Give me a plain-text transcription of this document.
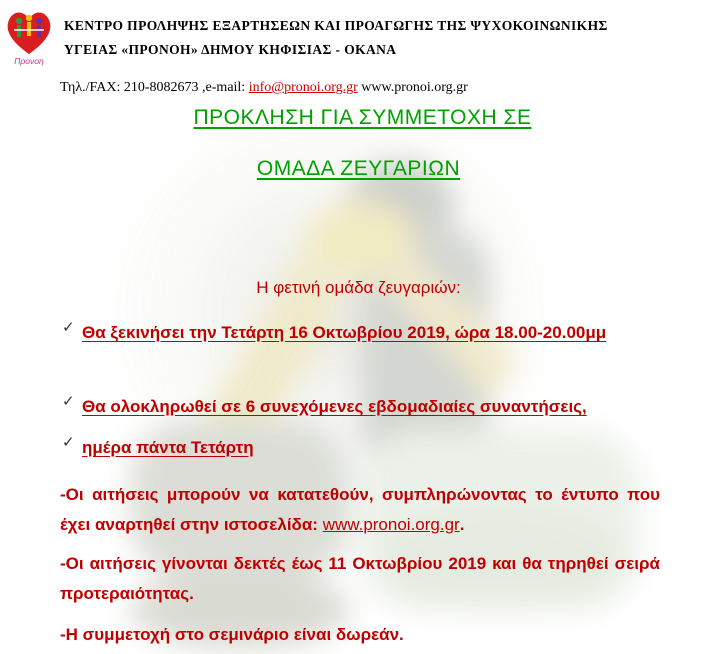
Προνοη
ΚΕΝΤΡΟ ΠΡΟΛΗΨΗΣ ΕΞΑΡΤΗΣΕΩΝ ΚΑΙ ΠΡΟΑΓΩΓΗΣ ΤΗΣ ΨΥΧΟΚΟΙΝΩΝΙΚΗΣ
ΥΓΕΙΑΣ «ΠΡΟΝΟΗ» ΔΗΜΟΥ ΚΗΦΙΣΙΑΣ - ΟΚΑΝΑ
Τηλ./FAX: 210-8082673 ,e-mail: info@pronoi.org.gr www.pronoi.org.gr
ΠΡΟΚΛΗΣΗ ΓΙΑ ΣΥΜΜΕΤΟΧΗ ΣΕ
ΟΜΑΔΑ ΖΕΥΓΑΡΙΩΝ
Η φετινή ομάδα ζευγαριών:
✓ Θα ξεκινήσει την Τετάρτη 16 Οκτωβρίου 2019, ώρα 18.00-20.00μμ
✓ Θα ολοκληρωθεί σε 6 συνεχόμενες εβδομαδιαίες συναντήσεις,
✓ ημέρα πάντα Τετάρτη
-Οι αιτήσεις μπορούν να κατατεθούν, συμπληρώνοντας το έντυπο που έχει αναρτηθεί στην ιστοσελίδα: www.pronoi.org.gr.
-Οι αιτήσεις γίνονται δεκτές έως 11 Οκτωβρίου 2019 και θα τηρηθεί σειρά προτεραιότητας.
-Η συμμετοχή στο σεμινάριο είναι δωρεάν.
